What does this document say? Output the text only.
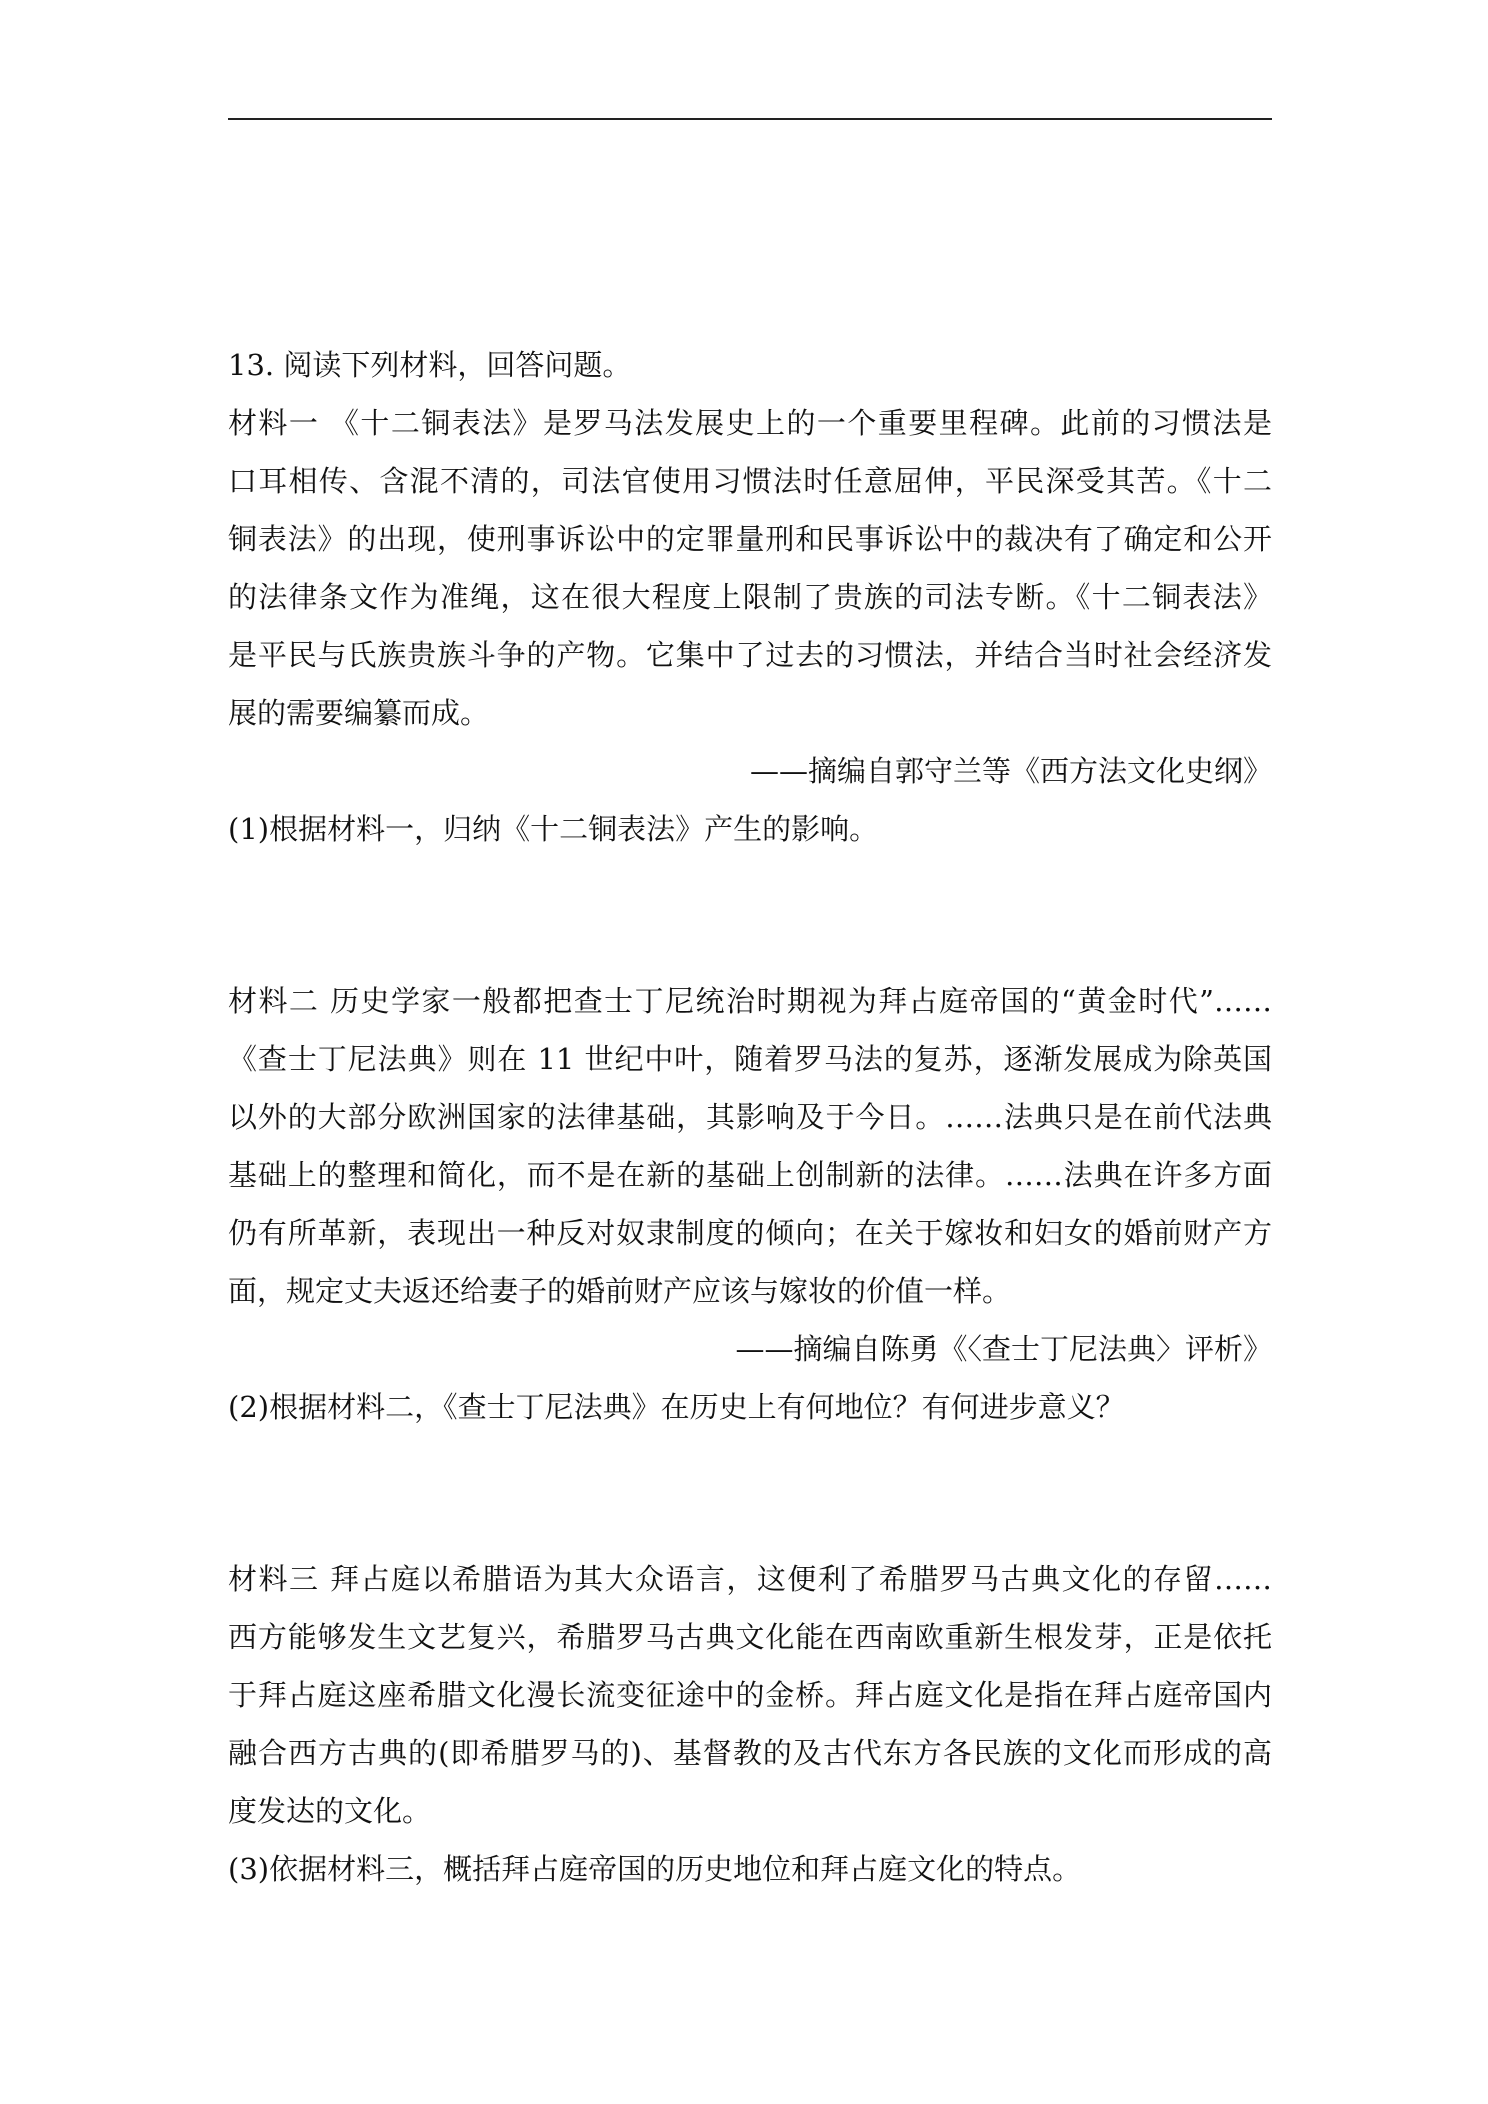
13. 阅读下列材料，回答问题。
材料一 《十二铜表法》是罗马法发展史上的一个重要里程碑。此前的习惯法是
口耳相传、含混不清的，司法官使用习惯法时任意屈伸，平民深受其苦。《十二
铜表法》的出现，使刑事诉讼中的定罪量刑和民事诉讼中的裁决有了确定和公开
的法律条文作为准绳，这在很大程度上限制了贵族的司法专断。《十二铜表法》
是平民与氏族贵族斗争的产物。它集中了过去的习惯法，并结合当时社会经济发
展的需要编纂而成。
——摘编自郭守兰等《西方法文化史纲》
(1)根据材料一，归纳《十二铜表法》产生的影响。
材料二 历史学家一般都把查士丁尼统治时期视为拜占庭帝国的“黄金时代”……
《查士丁尼法典》则在 11 世纪中叶，随着罗马法的复苏，逐渐发展成为除英国
以外的大部分欧洲国家的法律基础，其影响及于今日。……法典只是在前代法典
基础上的整理和简化，而不是在新的基础上创制新的法律。……法典在许多方面
仍有所革新，表现出一种反对奴隶制度的倾向；在关于嫁妆和妇女的婚前财产方
面，规定丈夫返还给妻子的婚前财产应该与嫁妆的价值一样。
——摘编自陈勇《〈查士丁尼法典〉评析》
(2)根据材料二，《查士丁尼法典》在历史上有何地位？有何进步意义？
材料三 拜占庭以希腊语为其大众语言，这便利了希腊罗马古典文化的存留……
西方能够发生文艺复兴，希腊罗马古典文化能在西南欧重新生根发芽，正是依托
于拜占庭这座希腊文化漫长流变征途中的金桥。拜占庭文化是指在拜占庭帝国内
融合西方古典的(即希腊罗马的)、基督教的及古代东方各民族的文化而形成的高
度发达的文化。
(3)依据材料三，概括拜占庭帝国的历史地位和拜占庭文化的特点。
